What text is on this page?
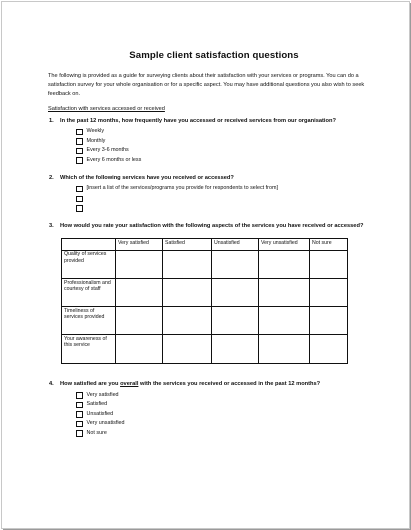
Sample client satisfaction questions

The following is provided as a guide for surveying clients about their satisfaction with your services or programs. You can do a satisfaction survey for your whole organisation or for a specific aspect. You may have additional questions you also wish to seek feedback on.

Satisfaction with services accessed or received
1.	In the past 12 months, how frequently have you accessed or received services from our organisation?
Weekly
Monthly
Every 3-6 months
Every 6 months or less
2.	Which of the following services have you received or accessed?
[insert a list of the services/programs you provide for respondents to select from]
3.	How would you rate your satisfaction with the following aspects of the services you have received or accessed?
	Very satisfied	Satisfied	Unsatisfied	Very unsatisfied	Not sure
Quality of services provided					
Professionalism and courtesy of staff					
Timeliness of services provided					
Your awareness of this service					
4.	How satisfied are you overall with the services you received or accessed in the past 12 months?
Very satisfied
Satisfied
Unsatisfied
Very unsatisfied
Not sure
